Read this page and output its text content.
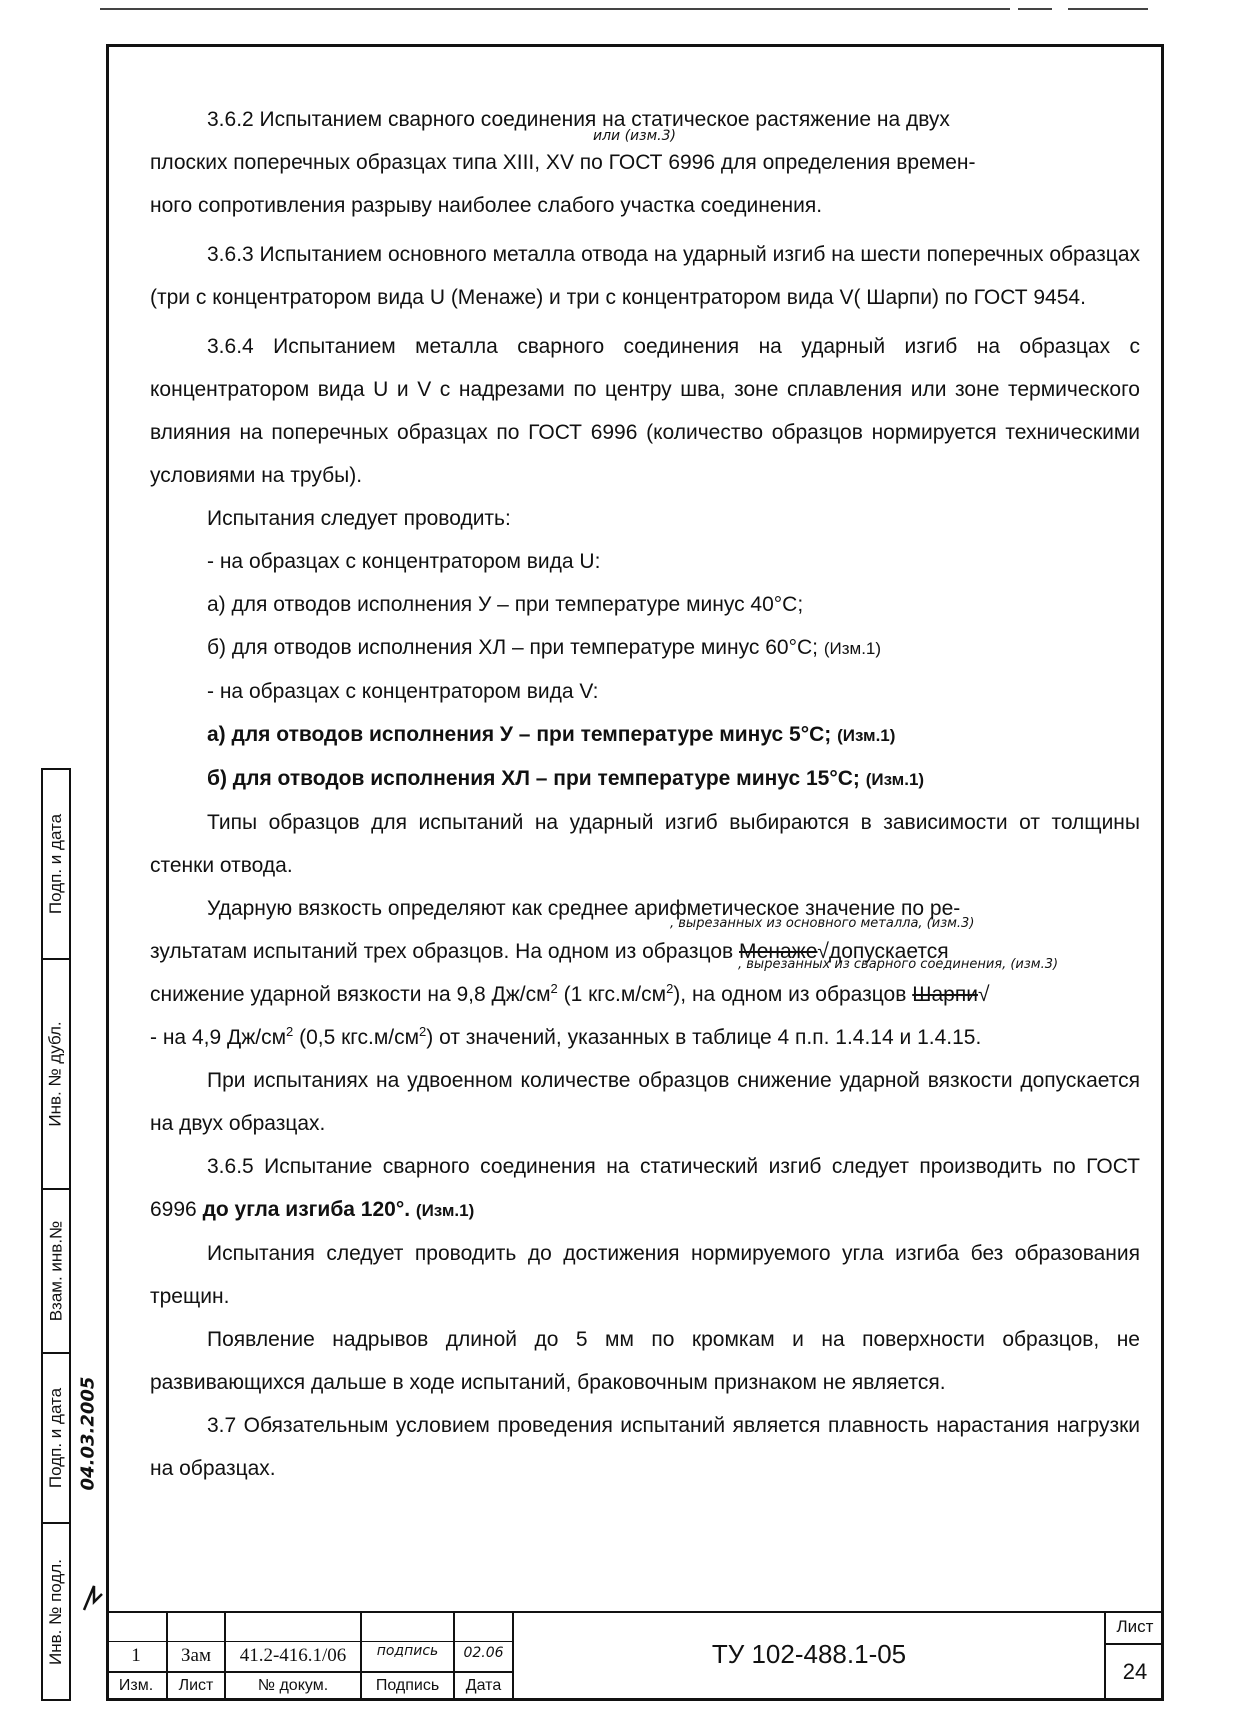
Подп. и дата
Инв. № дубл.
Взам. инв.№
Подп. и дата
Инв. № подл.
04.03.2005

3.6.2 Испытанием сварного соединения на статическое растяжение на двух

или (изм.3)

плоских поперечных образцах типа XIII, XV по ГОСТ 6996 для определения времен-

ного сопротивления разрыву наиболее слабого участка соединения.

3.6.3 Испытанием основного металла отвода на ударный изгиб на шести поперечных образцах (три с концентратором вида U (Менаже) и три с концентратором вида V( Шарпи) по ГОСТ 9454.

3.6.4 Испытанием металла сварного соединения на ударный изгиб на образцах с концентратором вида U и V с надрезами по центру шва, зоне сплавления или зоне термического влияния на поперечных образцах по ГОСТ 6996 (количество образцов нормируется техническими условиями на трубы).

Испытания следует проводить:

- на образцах с концентратором вида U:

а) для отводов исполнения У – при температуре минус 40°С;

б) для отводов исполнения ХЛ – при температуре минус 60°С; (Изм.1)

- на образцах с концентратором вида V:

а) для отводов исполнения У – при температуре минус 5°С; (Изм.1)

б) для отводов исполнения ХЛ – при температуре минус 15°С; (Изм.1)

Типы образцов для испытаний на ударный изгиб выбираются в зависимости от толщины стенки отвода.

Ударную вязкость определяют как среднее арифметическое значение по ре-

, вырезанных из основного металла, (изм.3)

зультатам испытаний трех образцов. На одном из образцов Менаже√допускается

, вырезанных из сварного соединения, (изм.3)

снижение ударной вязкости на 9,8 $Дж/см^2$ (1 $кгс.м/см^2$), на одном из образцов Шарпи√

- на 4,9 $Дж/см^2$ (0,5 $кгс.м/см^2$) от значений, указанных в таблице 4 п.п. 1.4.14 и 1.4.15.

При испытаниях на удвоенном количестве образцов снижение ударной вязкости допускается на двух образцах.

3.6.5 Испытание сварного соединения на статический изгиб следует производить по ГОСТ 6996 до угла изгиба 120°. (Изм.1)

Испытания следует проводить до достижения нормируемого угла изгиба без образования трещин.

Появление надрывов длиной до 5 мм по кромкам и на поверхности образцов, не развивающихся дальше в ходе испытаний, браковочным признаком не является.

3.7 Обязательным условием проведения испытаний является плавность нарастания нагрузки на образцах.

1	Зам	41.2-416.1/06	подпись	02.06
Изм.	Лист	№ докум.	Подпись	Дата
ТУ 102-488.1-05
Лист
24
